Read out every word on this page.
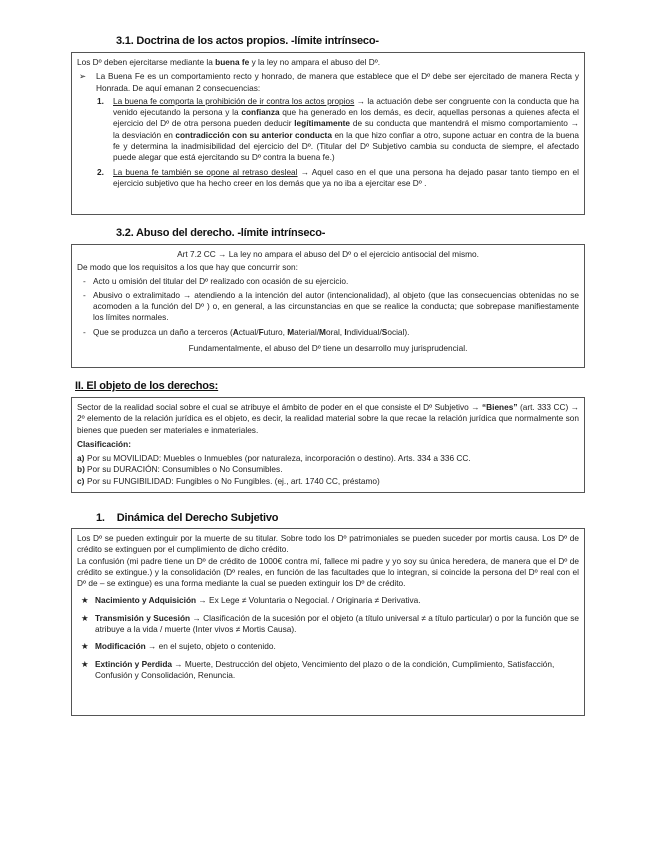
3.1. Doctrina de los actos propios. -límite intrínseco-

Los Dº deben ejercitarse mediante la buena fe y la ley no ampara el abuso del Dº.

➢	La Buena Fe es un comportamiento recto y honrado, de manera que establece que el Dº debe ser ejercitado de manera Recta y Honrada. De aquí emanan 2 consecuencias:
1.	La buena fe comporta la prohibición de ir contra los actos propios → la actuación debe ser congruente con la conducta que ha venido ejecutando la persona y la confianza que ha generado en los demás, es decir, aquellas personas a quienes afecta el ejercicio del Dº de otra persona pueden deducir legítimamente de su conducta que mantendrá el mismo comportamiento → la desviación en contradicción con su anterior conducta en la que hizo confiar a otro, supone actuar en contra de la buena fe y determina la inadmisibilidad del ejercicio del Dº. (Titular del Dº Subjetivo cambia su conducta de siempre, el afectado puede alegar que está ejercitando su Dº contra la buena fe.)
2.	La buena fe también se opone al retraso desleal → Aquel caso en el que una persona ha dejado pasar tanto tiempo en el ejercicio subjetivo que ha hecho creer en los demás que ya no iba a ejercitar ese Dº .
3.2. Abuso del derecho. -límite intrínseco-

Art 7.2 CC → La ley no ampara el abuso del Dº o el ejercicio antisocial del mismo.

De modo que los requisitos a los que hay que concurrir son:

- Acto u omisión del titular del Dº realizado con ocasión de su ejercicio.
- Abusivo o extralimitado → atendiendo a la intención del autor (intencionalidad), al objeto (que las consecuencias obtenidas no se acomoden a la función del Dº ) o, en general, a las circunstancias en que se realice la conducta; que sobrepase manifiestamente los límites normales.
- Que se produzca un daño a terceros (Actual/Futuro, Material/Moral, Individual/Social).

Fundamentalmente, el abuso del Dº tiene un desarrollo muy jurisprudencial.

II. El objeto de los derechos:

Sector de la realidad social sobre el cual se atribuye el ámbito de poder en el que consiste el Dº Subjetivo → “Bienes” (art. 333 CC) → 2º elemento de la relación jurídica es el objeto, es decir, la realidad material sobre la que recae la relación jurídica que normalmente son bienes que pueden ser materiales e inmateriales.

Clasificación:

a) Por su MOVILIDAD: Muebles o Inmuebles (por naturaleza, incorporación o destino). Arts. 334 a 336 CC.
b) Por su DURACIÓN: Consumibles o No Consumibles.
c) Por su FUNGIBILIDAD: Fungibles o No Fungibles. (ej., art. 1740 CC, préstamo)
1. Dinámica del Derecho Subjetivo

Los Dº se pueden extinguir por la muerte de su titular. Sobre todo los Dº patrimoniales se pueden suceder por mortis causa. Los Dº de crédito se extinguen por el cumplimiento de dicho crédito.

La confusión (mi padre tiene un Dº de crédito de 1000€ contra mí, fallece mi padre y yo soy su única heredera, de manera que el Dº de crédito se extingue.) y la consolidación (Dº reales, en función de las facultades que lo integran, si coincide la persona del Dº real con el Dº de – se extingue) es una forma mediante la cual se pueden extinguir los Dº de crédito.

★ Nacimiento y Adquisición → Ex Lege ≠ Voluntaria o Negocial. / Originaria ≠ Derivativa.
★ Transmisión y Sucesión → Clasificación de la sucesión por el objeto (a título universal ≠ a título particular) o por la función que se atribuye a la vida / muerte (Inter vivos ≠ Mortis Causa).
★ Modificación → en el sujeto, objeto o contenido.
★ Extinción y Perdida → Muerte, Destrucción del objeto, Vencimiento del plazo o de la condición, Cumplimiento, Satisfacción, Confusión y Consolidación, Renuncia.
